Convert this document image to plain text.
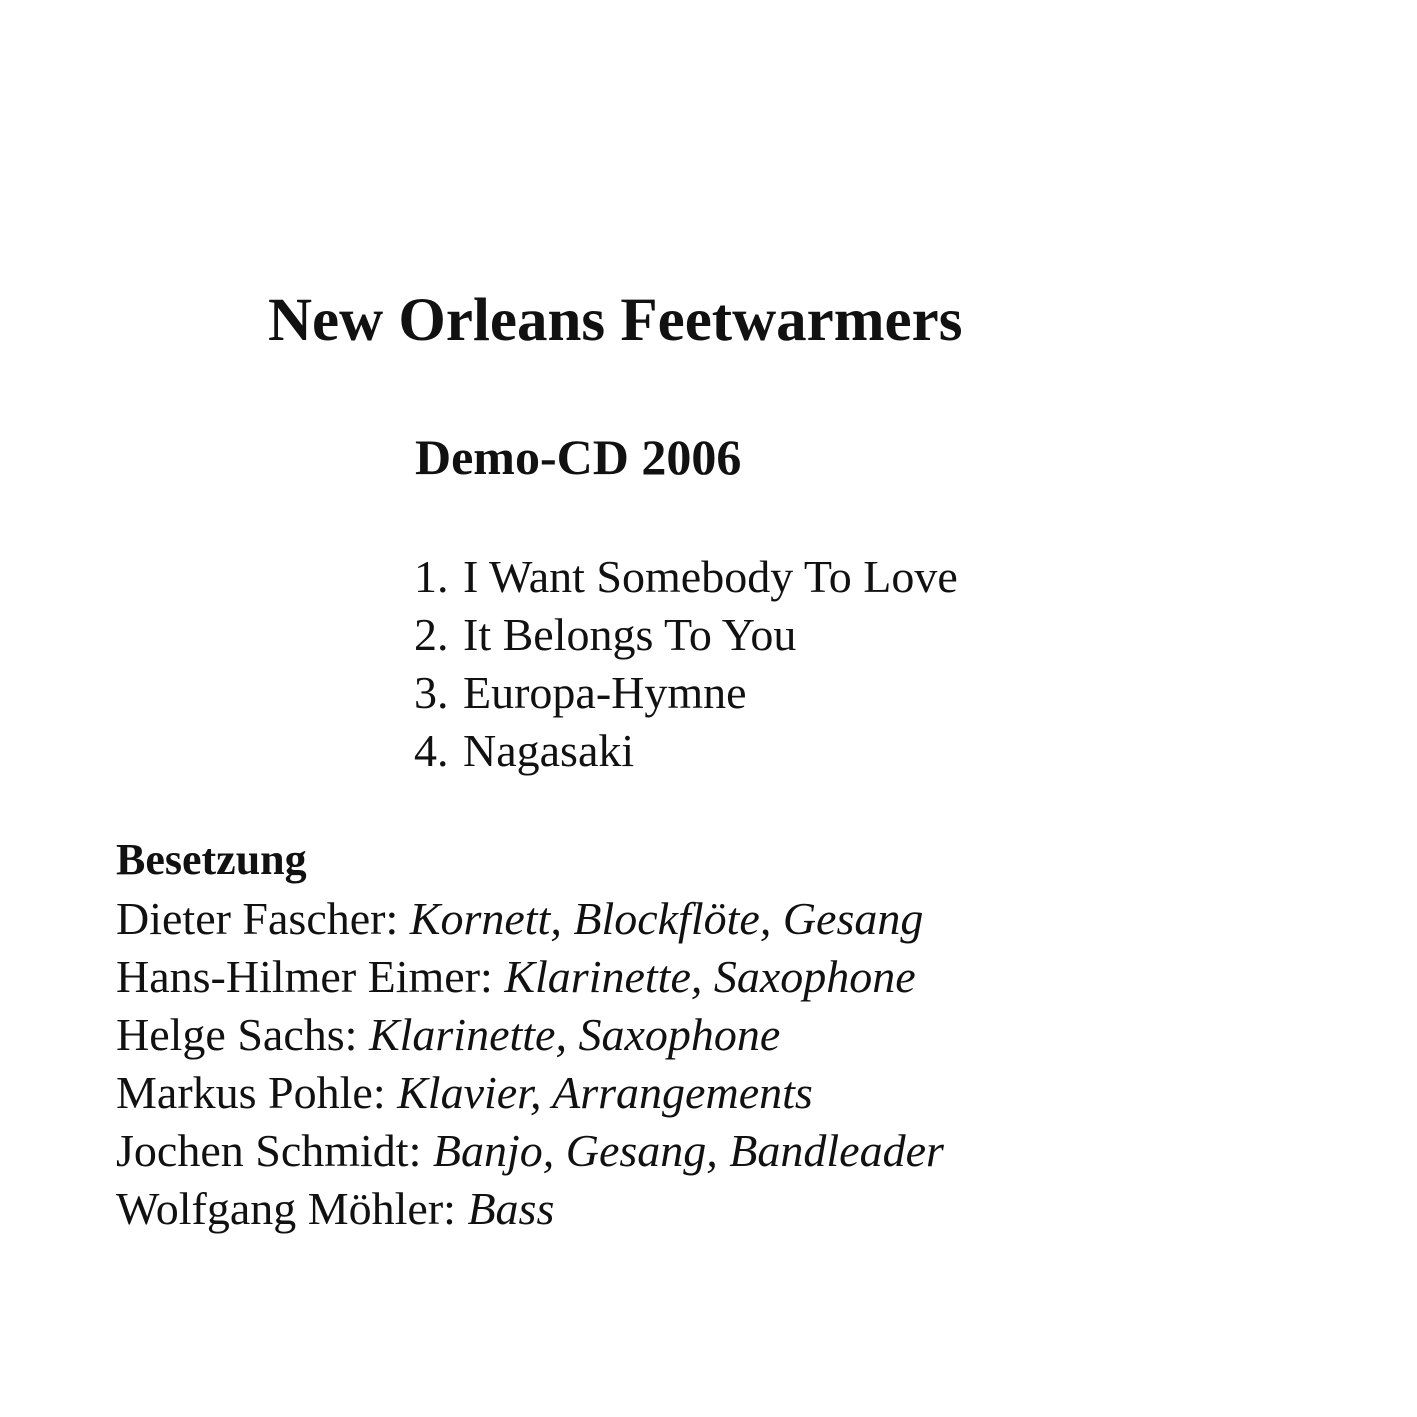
New Orleans Feetwarmers
Demo-CD 2006
1. I Want Somebody To Love
2. It Belongs To You
3. Europa-Hymne
4. Nagasaki
Besetzung
Dieter Fascher: Kornett, Blockflöte, Gesang
Hans-Hilmer Eimer: Klarinette, Saxophone
Helge Sachs: Klarinette, Saxophone
Markus Pohle: Klavier, Arrangements
Jochen Schmidt: Banjo, Gesang, Bandleader
Wolfgang Möhler: Bass
